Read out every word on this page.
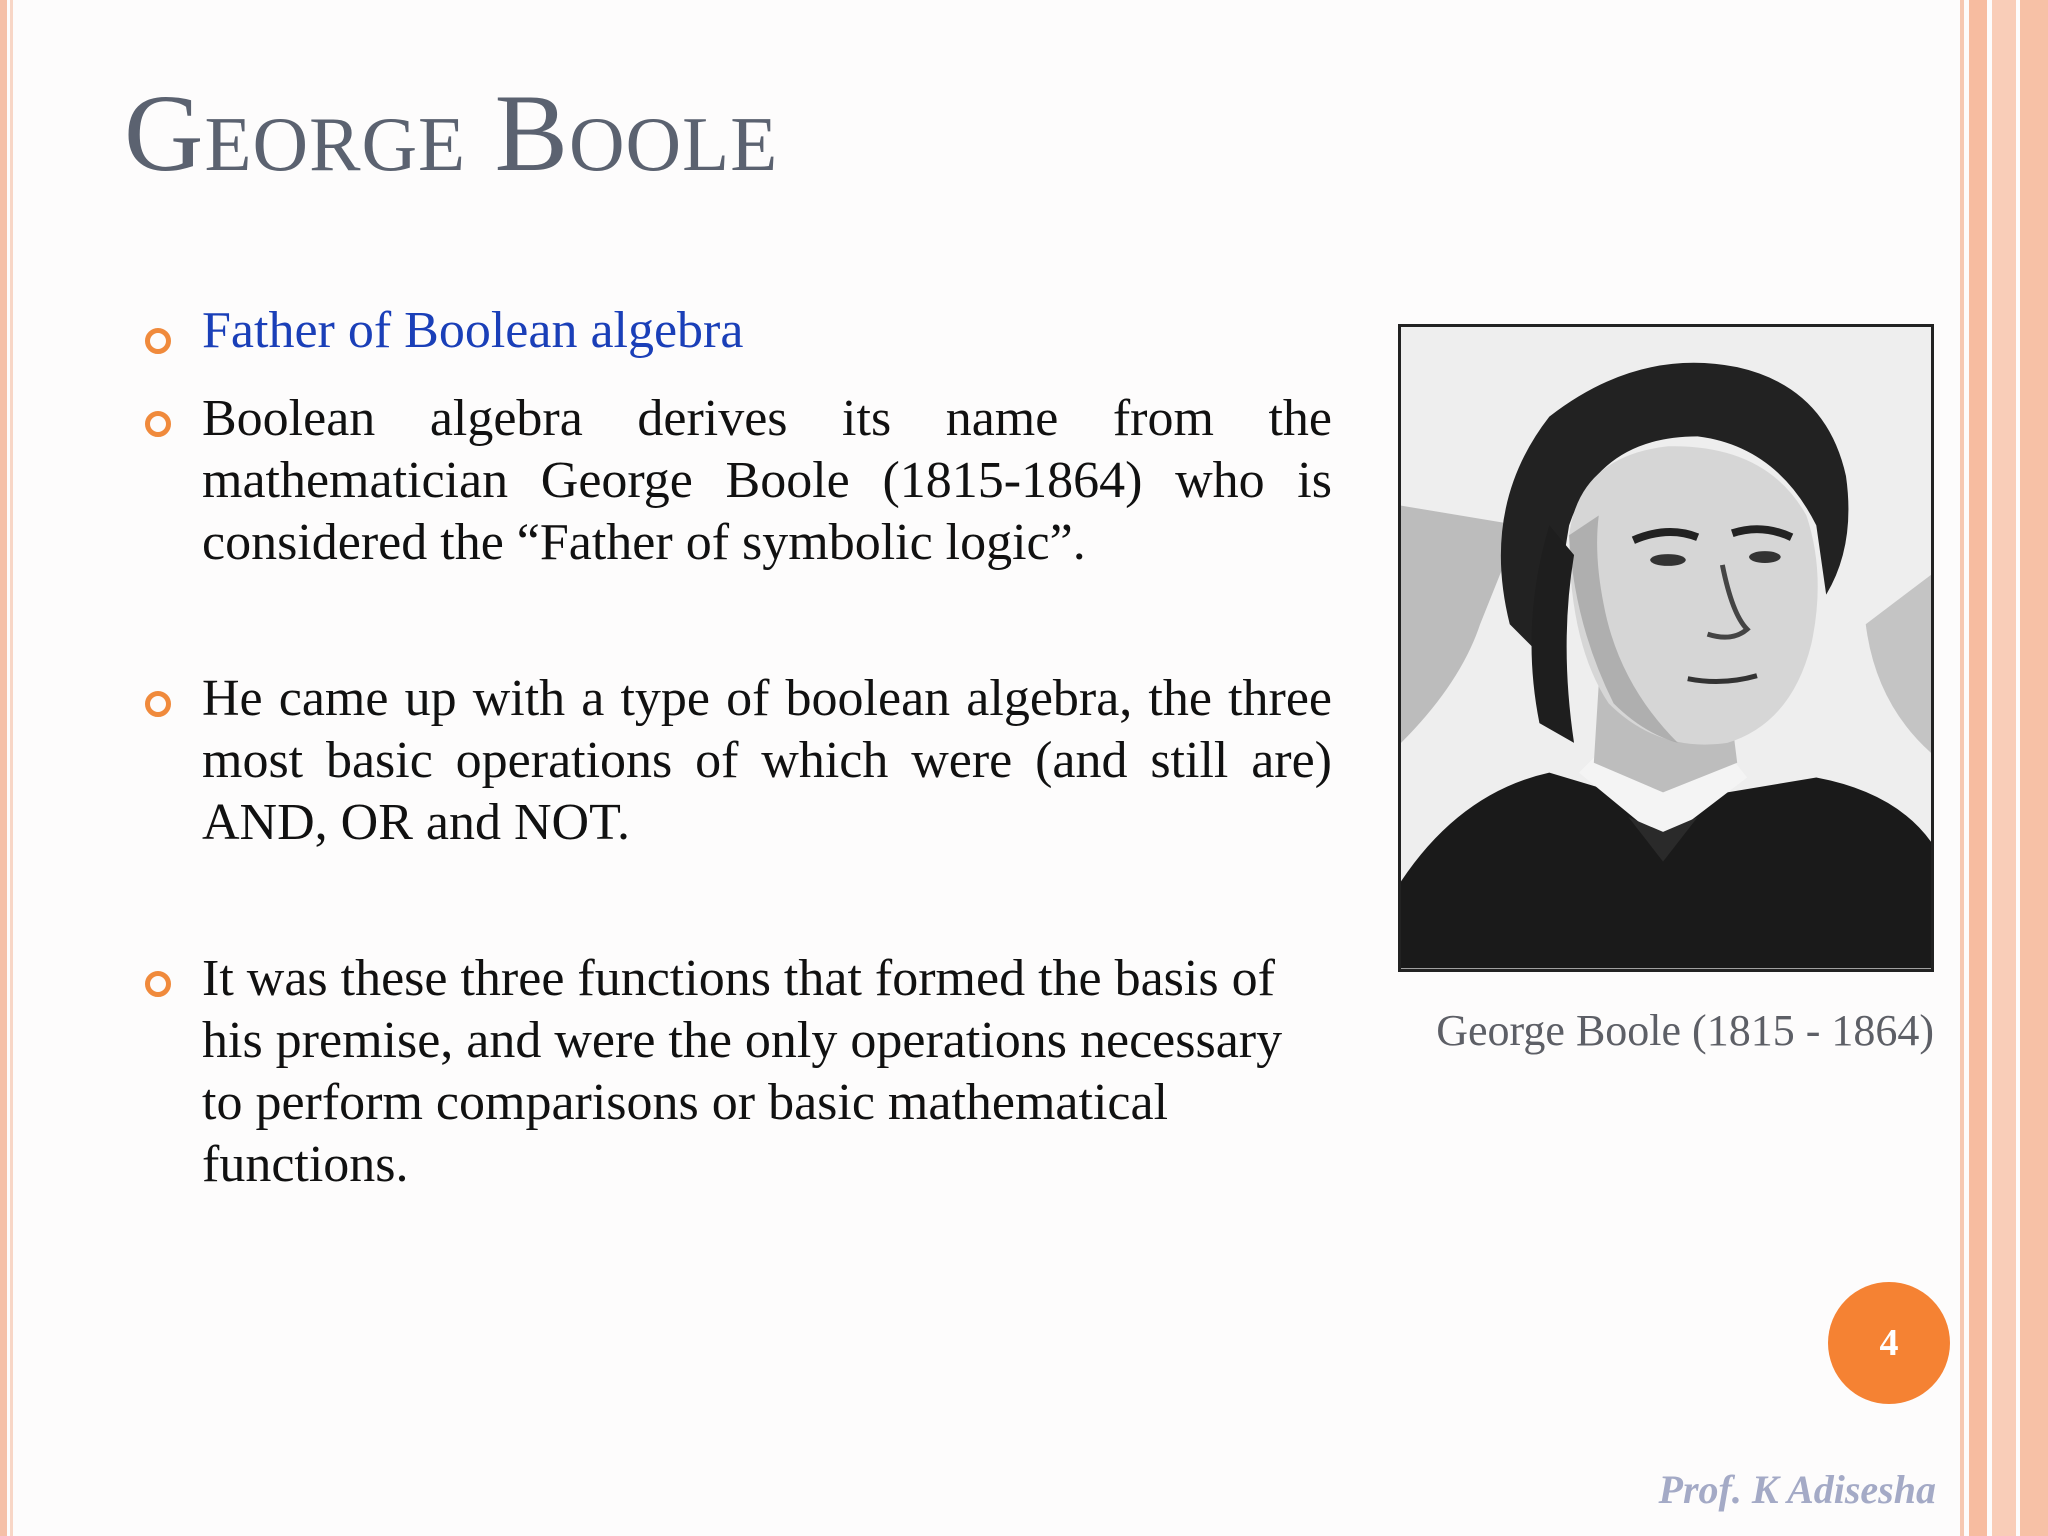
George Boole
Father of Boolean algebra
Boolean algebra derives its name from the mathematician George Boole (1815-1864) who is considered the “Father of symbolic logic”.
He came up with a type of boolean algebra, the three most basic operations of which were (and still are) AND, OR and NOT.
It was these three functions that formed the basis of his premise, and were the only operations necessary to perform comparisons or basic mathematical functions.
George Boole (1815 - 1864)
4
Prof. K Adisesha
